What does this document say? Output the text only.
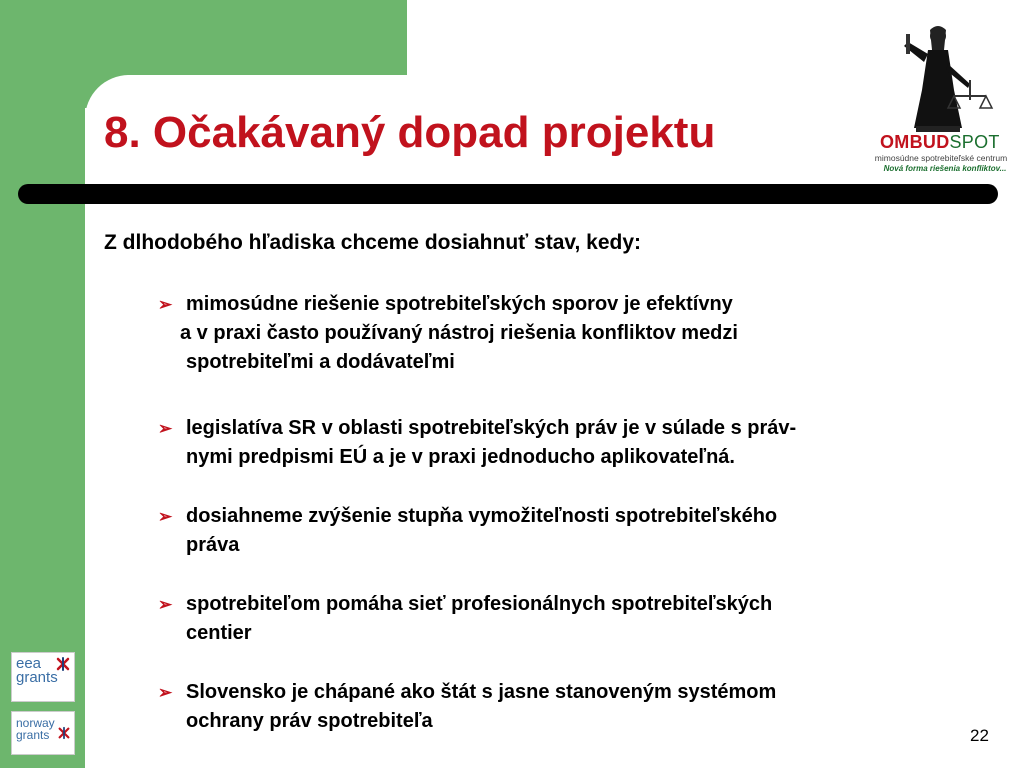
8. Očakávaný dopad projektu	OMBUDSPOT
mimosúdne spotrebiteľské centrum
Nová forma riešenia konfliktov...
Z dlhodobého hľadiska chceme dosiahnuť stav, kedy:
➢ mimosúdne riešenie spotrebiteľských sporov je efektívny
a v praxi často používaný nástroj riešenia konfliktov medzi
spotrebiteľmi a dodávateľmi
➢ legislatíva SR v oblasti spotrebiteľských práv je v súlade s práv-
nymi predpismi EÚ a je v praxi jednoducho aplikovateľná.
➢ dosiahneme zvýšenie stupňa vymožiteľnosti spotrebiteľského
práva
➢ spotrebiteľom pomáha sieť profesionálnych spotrebiteľských
centier
➢ Slovensko je chápané ako štát s jasne stanoveným systémom
ochrany práv spotrebiteľa
eea
grants
norway
grants	22
